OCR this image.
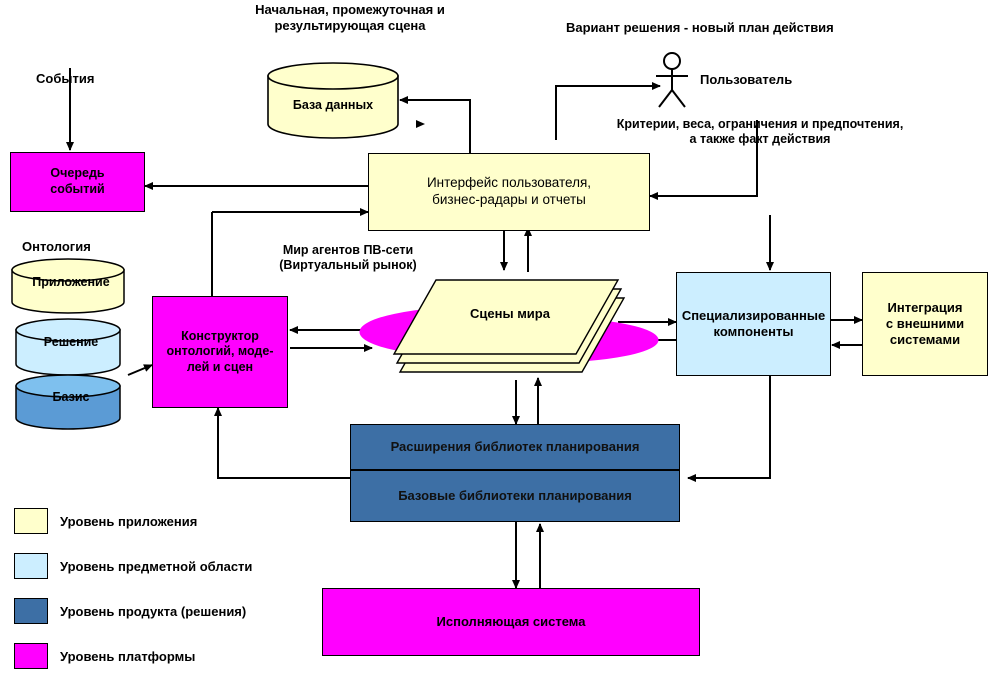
Начальная, промежуточная и
результирующая сцена	Вариант решения - новый план действия
События
Онтология
Пользователь
Критерии, веса, ограничения и предпочтения,
а также факт действия
Мир агентов ПВ-сети
(Виртуальный рынок)
База данных
Приложение
Решение
Базис
Очередь
событий	Интерфейс пользователя,
бизнес-радары и отчеты
Конструктор
онтологий, моде-
лей и сцен
Сцены мира	Специализированные
компоненты
Интеграция
с внешними
системами
Расширения библиотек планирования
Базовые библиотеки планирования
Исполняющая система
Уровень приложения
Уровень предметной области
Уровень продукта (решения)
Уровень платформы
